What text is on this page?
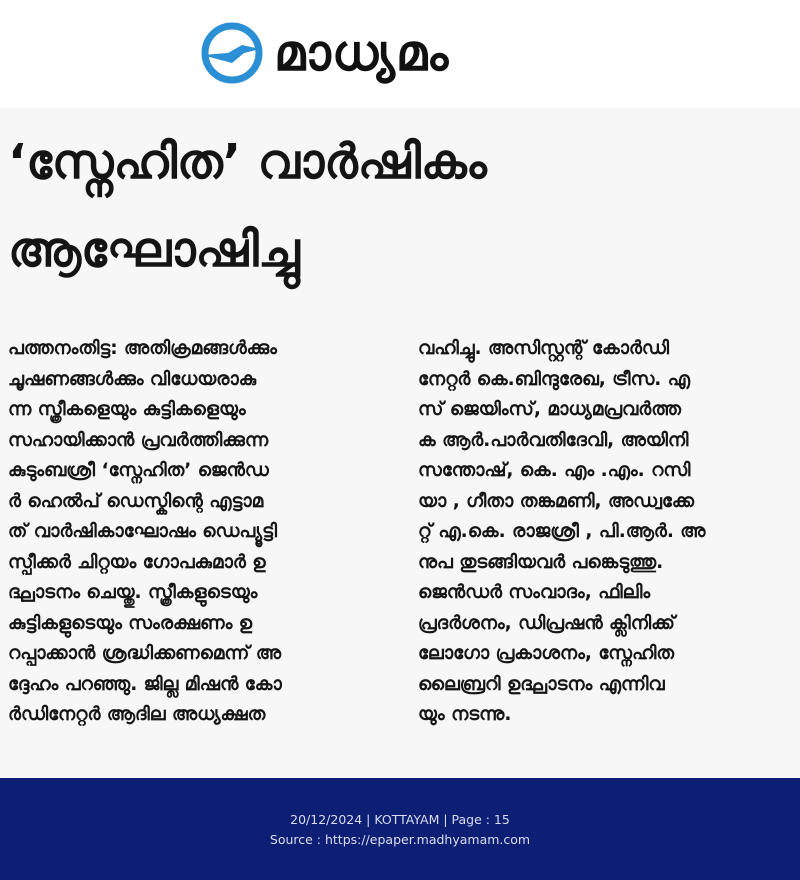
മാധ്യമം
‘സ്നേഹിത’ വാർഷികം
ആഘോഷിച്ചു
പത്തനംതിട്ട: അതിക്രമങ്ങൾക്കും
ചൂഷണങ്ങൾക്കും വിധേയരാകു
ന്ന സ്ത്രീകളെയും കുട്ടികളെയും
സഹായിക്കാൻ പ്രവർത്തിക്കുന്ന
കുടുംബശ്രീ ‘സ്നേഹിത’ ജെൻഡ
ർ ഹെൽപ് ഡെസ്കിന്റെ എട്ടാമ
ത് വാർഷികാഘോഷം ഡെപ്യൂട്ടി
സ്പീക്കർ ചിറ്റയം ഗോപകുമാർ ഉ
ദ്ഘാടനം ചെയ്തു. സ്ത്രീകളുടെയും
കുട്ടികളുടെയും സംരക്ഷണം ഉ
റപ്പാക്കാൻ ശ്രദ്ധിക്കണമെന്ന് അ
ദ്ദേഹം പറഞ്ഞു. ജില്ല മിഷൻ കോ
ർഡിനേറ്റർ ആദില അധ്യക്ഷത
വഹിച്ചു. അസിസ്റ്റന്റ് കോർഡി
നേറ്റർ കെ.ബിന്ദുരേഖ, ട്രീസ. എ
സ് ജെയിംസ്, മാധ്യമപ്രവർത്ത
ക ആർ.പാർവതിദേവി, അയിനി
സന്തോഷ്, കെ. എം .എം. റസി
യാ , ഗീതാ തങ്കമണി, അഡ്വക്കേ
റ്റ് എ.കെ. രാജശ്രീ , പി.ആർ. അ
നുപ തുടങ്ങിയവർ പങ്കെടുത്തു.
ജെൻഡർ സംവാദം, ഫിലിം
പ്രദർശനം, ഡിപ്രഷൻ ക്ലിനിക്ക്
ലോഗോ പ്രകാശനം, സ്നേഹിത
ലൈബ്രറി ഉദ്ഘാടനം എന്നിവ
യും നടന്നു.
20/12/2024 | KOTTAYAM | Page : 15
Source : https://epaper.madhyamam.com
